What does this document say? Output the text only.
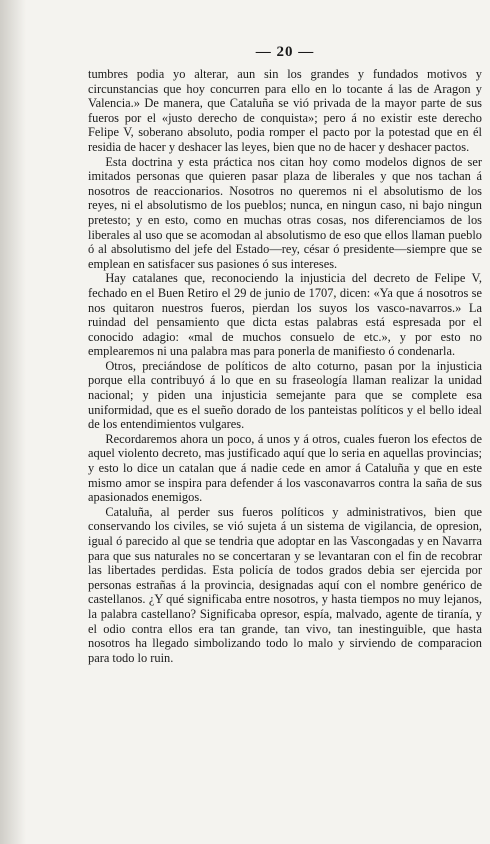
— 20 —

tumbres podia yo alterar, aun sin los grandes y fundados motivos y circunstancias que hoy concurren para ello en lo tocante á las de Aragon y Valencia.» De manera, que Cataluña se vió privada de la mayor parte de sus fueros por el «justo derecho de conquista»; pero á no existir este derecho Felipe V, soberano absoluto, podia romper el pacto por la potestad que en él residia de hacer y deshacer las leyes, bien que no de hacer y deshacer pactos.

Esta doctrina y esta práctica nos citan hoy como modelos dignos de ser imitados personas que quieren pasar plaza de liberales y que nos tachan á nosotros de reaccionarios. Nosotros no queremos ni el absolutismo de los reyes, ni el absolutismo de los pueblos; nunca, en ningun caso, ni bajo ningun pretesto; y en esto, como en muchas otras cosas, nos diferenciamos de los liberales al uso que se acomodan al absolutismo de eso que ellos llaman pueblo ó al absolutismo del jefe del Estado—rey, césar ó presidente—siempre que se emplean en satisfacer sus pasiones ó sus intereses.

Hay catalanes que, reconociendo la injusticia del decreto de Felipe V, fechado en el Buen Retiro el 29 de junio de 1707, dicen: «Ya que á nosotros se nos quitaron nuestros fueros, pierdan los suyos los vasco-navarros.» La ruindad del pensamiento que dicta estas palabras está espresada por el conocido adagio: «mal de muchos consuelo de etc.», y por esto no emplearemos ni una palabra mas para ponerla de manifiesto ó condenarla.

Otros, preciándose de políticos de alto coturno, pasan por la injusticia porque ella contribuyó á lo que en su fraseología llaman realizar la unidad nacional; y piden una injusticia semejante para que se complete esa uniformidad, que es el sueño dorado de los panteistas políticos y el bello ideal de los entendimientos vulgares.

Recordaremos ahora un poco, á unos y á otros, cuales fueron los efectos de aquel violento decreto, mas justificado aquí que lo seria en aquellas provincias; y esto lo dice un catalan que á nadie cede en amor á Cataluña y que en este mismo amor se inspira para defender á los vasconavarros contra la saña de sus apasionados enemigos.

Cataluña, al perder sus fueros políticos y administrativos, bien que conservando los civiles, se vió sujeta á un sistema de vigilancia, de opresion, igual ó parecido al que se tendria que adoptar en las Vascongadas y en Navarra para que sus naturales no se concertaran y se levantaran con el fin de recobrar las libertades perdidas. Esta policía de todos grados debia ser ejercida por personas estrañas á la provincia, designadas aquí con el nombre genérico de castellanos. ¿Y qué significaba entre nosotros, y hasta tiempos no muy lejanos, la palabra castellano? Significaba opresor, espía, malvado, agente de tiranía, y el odio contra ellos era tan grande, tan vivo, tan inestinguible, que hasta nosotros ha llegado simbolizando todo lo malo y sirviendo de comparacion para todo lo ruin.
